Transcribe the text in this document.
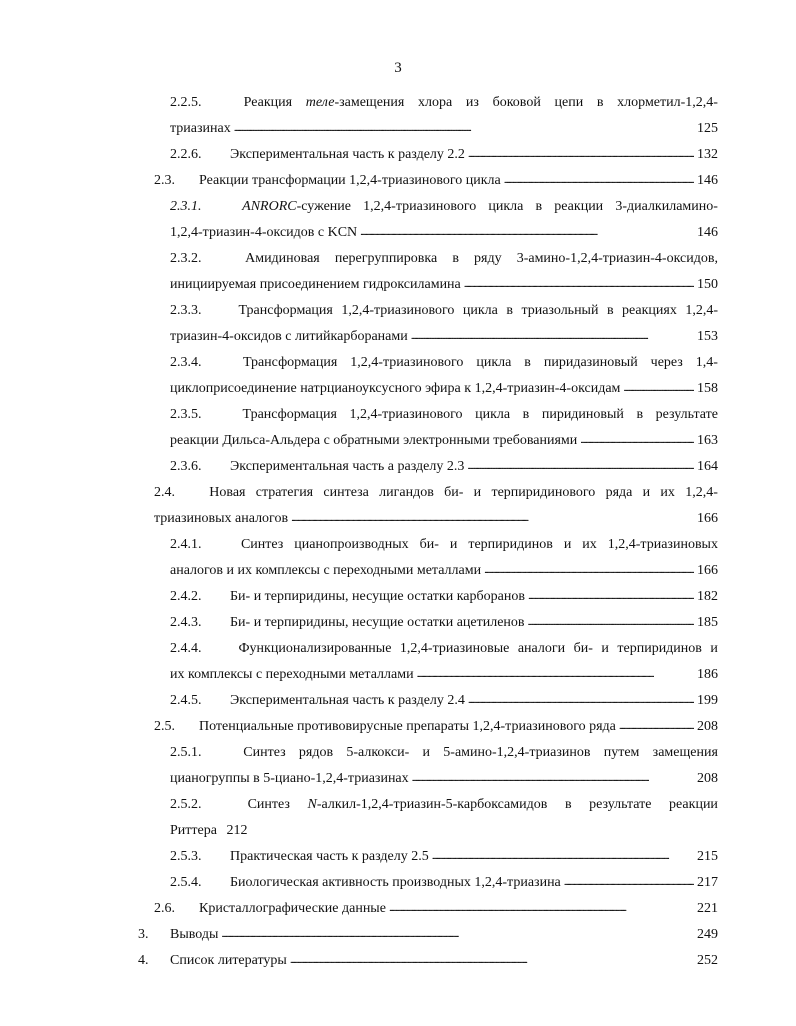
3
2.2.5.	Реакция теле-замещения хлора из боковой цепи в хлорметил-1,2,4-
триазинах . . .	125
2.2.6.	Экспериментальная часть к разделу 2.2 . . .	132
2.3.	Реакции трансформации 1,2,4-триазинового цикла . . .	146
2.3.1.	ANRORC-сужение 1,2,4-триазинового цикла в реакции 3-диалкиламино-
1,2,4-триазин-4-оксидов с KCN . . .	146
2.3.2.	Амидиновая перегруппировка в ряду 3-амино-1,2,4-триазин-4-оксидов,
инициируемая присоединением гидроксиламина . . .	150
2.3.3.	Трансформация 1,2,4-триазинового цикла в триазольный в реакциях 1,2,4-
триазин-4-оксидов с литийкарборанами . . .	153
2.3.4.	Трансформация 1,2,4-триазинового цикла в пиридазиновый через 1,4-
циклоприсоединение натрцианоуксусного эфира к 1,2,4-триазин-4-оксидам . . .	158
2.3.5.	Трансформация 1,2,4-триазинового цикла в пиридиновый в результате
реакции Дильса-Альдера с обратными электронными требованиями . . .	163
2.3.6.	Экспериментальная часть а разделу 2.3 . . .	164
2.4.	Новая стратегия синтеза лигандов би- и терпиридинового ряда и их 1,2,4-
триазиновых аналогов . . .	166
2.4.1.	Синтез цианопроизводных би- и терпиридинов и их 1,2,4-триазиновых
аналогов и их комплексы с переходными металлами . . .	166
2.4.2.	Би- и терпиридины, несущие остатки карборанов . . .	182
2.4.3.	Би- и терпиридины, несущие остатки ацетиленов . . .	185
2.4.4.	Функционализированные 1,2,4-триазиновые аналоги би- и терпиридинов и
их комплексы с переходными металлами . . .	186
2.4.5.	Экспериментальная часть к разделу 2.4 . . .	199
2.5.	Потенциальные противовирусные препараты 1,2,4-триазинового ряда . . .	208
2.5.1.	Синтез рядов 5-алкокси- и 5-амино-1,2,4-триазинов путем замещения
цианогруппы в 5-циано-1,2,4-триазинах . . .	208
2.5.2.	Синтез N-алкил-1,2,4-триазин-5-карбоксамидов в результате реакции
Риттера 212
2.5.3.	Практическая часть к разделу 2.5 . . .	215
2.5.4.	Биологическая активность производных 1,2,4-триазина . . .	217
2.6.	Кристаллографические данные . . .	221
3.	Выводы . . .	249
4.	Список литературы . . .	252
